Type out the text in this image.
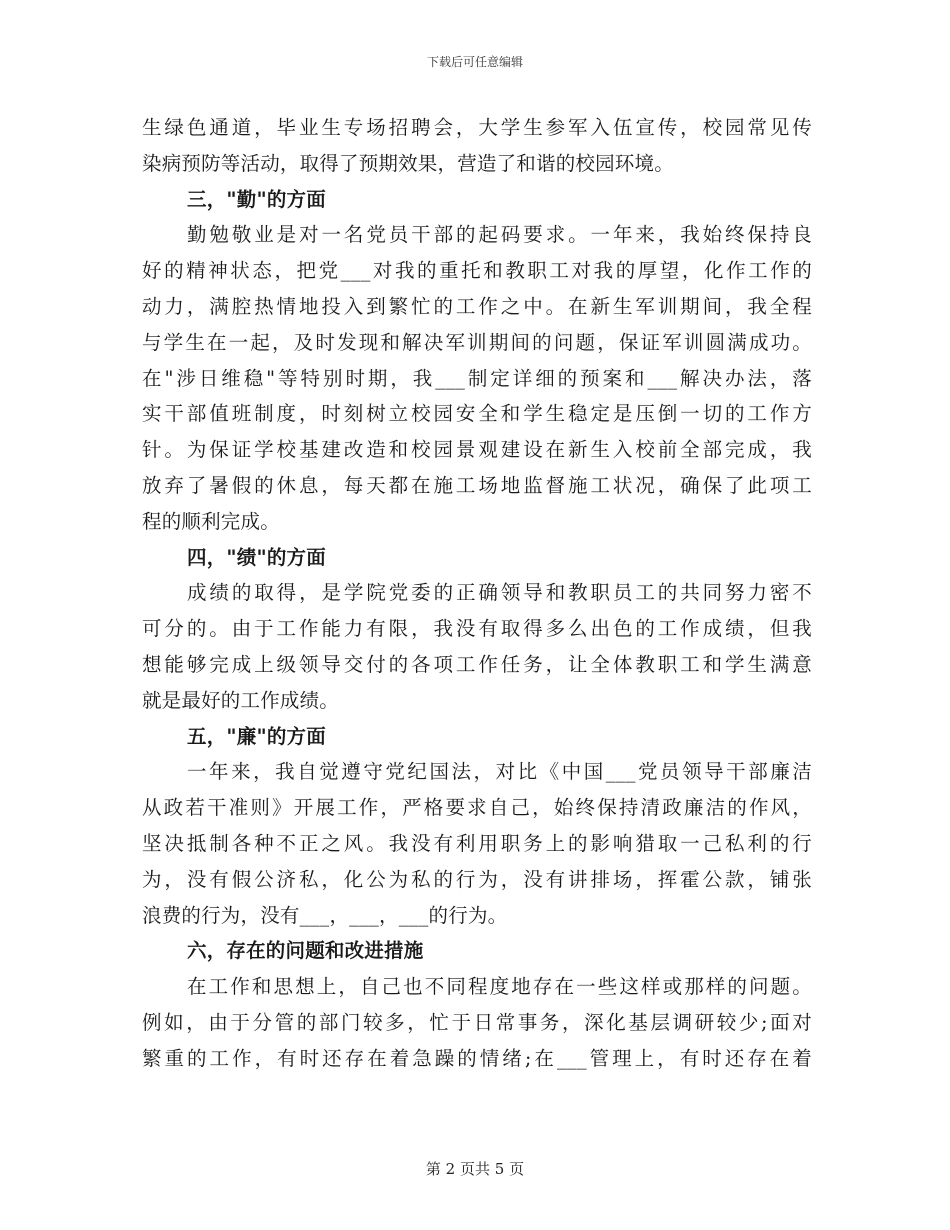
下载后可任意编辑
生绿色通道，毕业生专场招聘会，大学生参军入伍宣传，校园常见传
染病预防等活动，取得了预期效果，营造了和谐的校园环境。
三，"勤"的方面
勤勉敬业是对一名党员干部的起码要求。一年来，我始终保持良
好的精神状态，把党___对我的重托和教职工对我的厚望，化作工作的
动力，满腔热情地投入到繁忙的工作之中。在新生军训期间，我全程
与学生在一起，及时发现和解决军训期间的问题，保证军训圆满成功。
在"涉日维稳"等特别时期，我___制定详细的预案和___解决办法，落
实干部值班制度，时刻树立校园安全和学生稳定是压倒一切的工作方
针。为保证学校基建改造和校园景观建设在新生入校前全部完成，我
放弃了暑假的休息，每天都在施工场地监督施工状况，确保了此项工
程的顺利完成。
四，"绩"的方面
成绩的取得，是学院党委的正确领导和教职员工的共同努力密不
可分的。由于工作能力有限，我没有取得多么出色的工作成绩，但我
想能够完成上级领导交付的各项工作任务，让全体教职工和学生满意
就是最好的工作成绩。
五，"廉"的方面
一年来，我自觉遵守党纪国法，对比《中国___党员领导干部廉洁
从政若干准则》开展工作，严格要求自己，始终保持清政廉洁的作风，
坚决抵制各种不正之风。我没有利用职务上的影响猎取一己私利的行
为，没有假公济私，化公为私的行为，没有讲排场，挥霍公款，铺张
浪费的行为，没有___，___，___的行为。
六，存在的问题和改进措施
在工作和思想上，自己也不同程度地存在一些这样或那样的问题。
例如，由于分管的部门较多，忙于日常事务，深化基层调研较少;面对
繁重的工作，有时还存在着急躁的情绪;在___管理上，有时还存在着
第 2 页共 5 页
